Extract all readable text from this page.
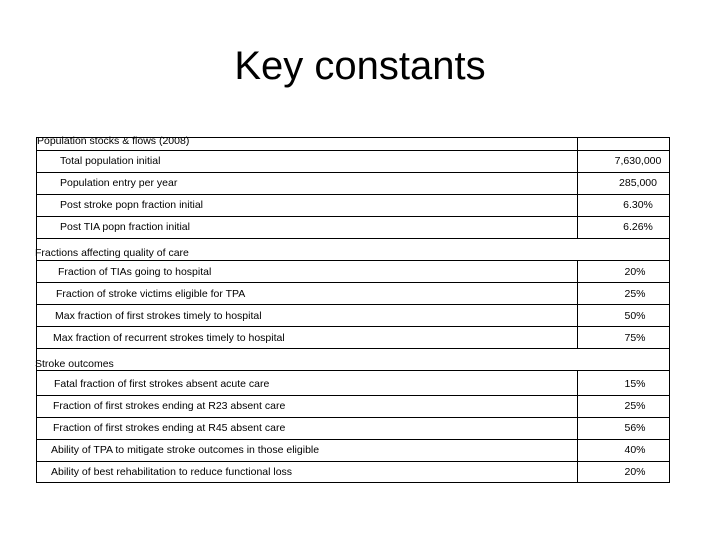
Key constants
Population stocks & flows (2008)
Total population initial	7,630,000
Population entry per year	285,000
Post stroke popn fraction initial	6.30%
Post TIA popn fraction initial	6.26%
Fractions affecting quality of care
Fraction of TIAs going to hospital	20%
Fraction of stroke victims eligible for TPA	25%
Max fraction of first strokes timely to hospital	50%
Max fraction of recurrent strokes timely to hospital	75%
Stroke outcomes
Fatal fraction of first strokes absent acute care	15%
Fraction of first strokes ending at R23 absent care	25%
Fraction of first strokes ending at R45 absent care	56%
Ability of TPA to mitigate stroke outcomes in those eligible	40%
Ability of best rehabilitation to reduce functional loss	20%
